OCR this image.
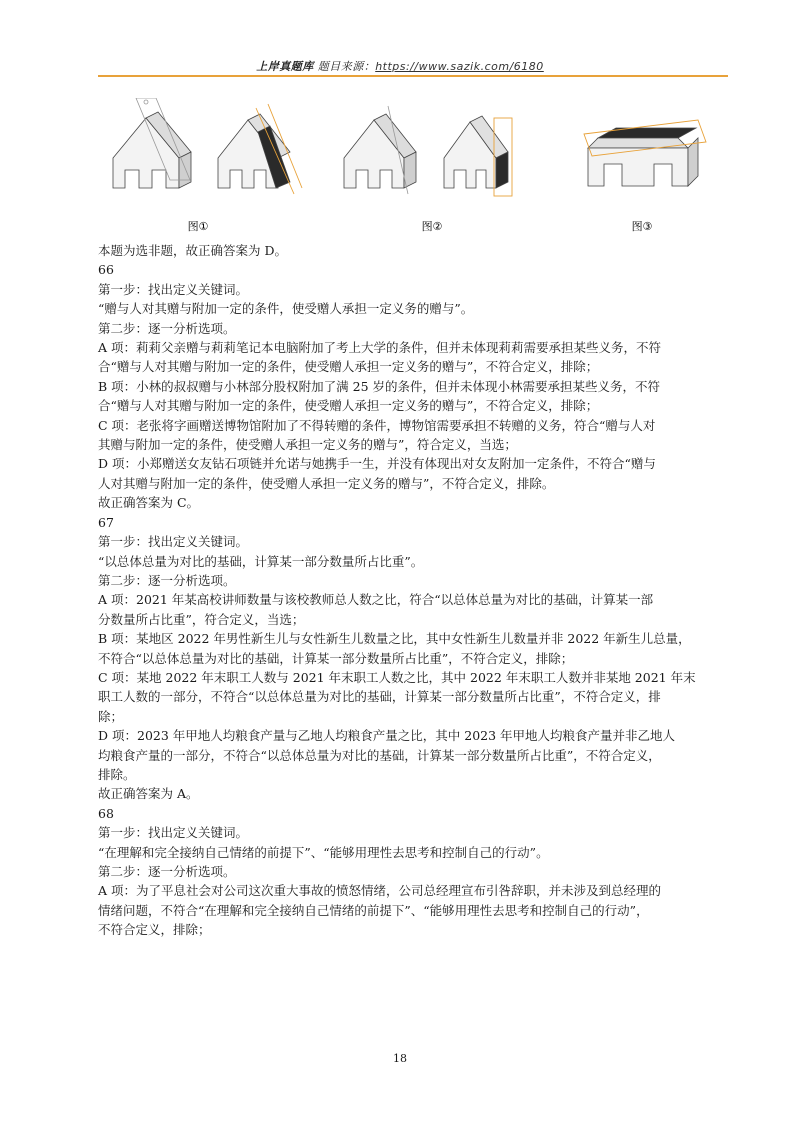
上岸真题库 题目来源：https://www.sazik.com/6180
图①	图②	图③

本题为选非题，故正确答案为 D。

66

第一步：找出定义关键词。

“赠与人对其赠与附加一定的条件，使受赠人承担一定义务的赠与”。

第二步：逐一分析选项。

A 项：莉莉父亲赠与莉莉笔记本电脑附加了考上大学的条件，但并未体现莉莉需要承担某些义务，不符

合“赠与人对其赠与附加一定的条件，使受赠人承担一定义务的赠与”，不符合定义，排除；

B 项：小林的叔叔赠与小林部分股权附加了满 25 岁的条件，但并未体现小林需要承担某些义务，不符

合“赠与人对其赠与附加一定的条件，使受赠人承担一定义务的赠与”，不符合定义，排除；

C 项：老张将字画赠送博物馆附加了不得转赠的条件，博物馆需要承担不转赠的义务，符合“赠与人对

其赠与附加一定的条件，使受赠人承担一定义务的赠与”，符合定义，当选；

D 项：小郑赠送女友钻石项链并允诺与她携手一生，并没有体现出对女友附加一定条件，不符合“赠与

人对其赠与附加一定的条件，使受赠人承担一定义务的赠与”，不符合定义，排除。

故正确答案为 C。

67

第一步：找出定义关键词。

“以总体总量为对比的基础，计算某一部分数量所占比重”。

第二步：逐一分析选项。

A 项：2021 年某高校讲师数量与该校教师总人数之比，符合“以总体总量为对比的基础，计算某一部

分数量所占比重”，符合定义，当选；

B 项：某地区 2022 年男性新生儿与女性新生儿数量之比，其中女性新生儿数量并非 2022 年新生儿总量，

不符合“以总体总量为对比的基础，计算某一部分数量所占比重”，不符合定义，排除；

C 项：某地 2022 年末职工人数与 2021 年末职工人数之比，其中 2022 年末职工人数并非某地 2021 年末

职工人数的一部分，不符合“以总体总量为对比的基础，计算某一部分数量所占比重”，不符合定义，排

除；

D 项：2023 年甲地人均粮食产量与乙地人均粮食产量之比，其中 2023 年甲地人均粮食产量并非乙地人

均粮食产量的一部分，不符合“以总体总量为对比的基础，计算某一部分数量所占比重”，不符合定义，

排除。

故正确答案为 A。

68

第一步：找出定义关键词。

“在理解和完全接纳自己情绪的前提下”、“能够用理性去思考和控制自己的行动”。

第二步：逐一分析选项。

A 项：为了平息社会对公司这次重大事故的愤怒情绪，公司总经理宣布引咎辞职，并未涉及到总经理的

情绪问题，不符合“在理解和完全接纳自己情绪的前提下”、“能够用理性去思考和控制自己的行动”，

不符合定义，排除；

18
